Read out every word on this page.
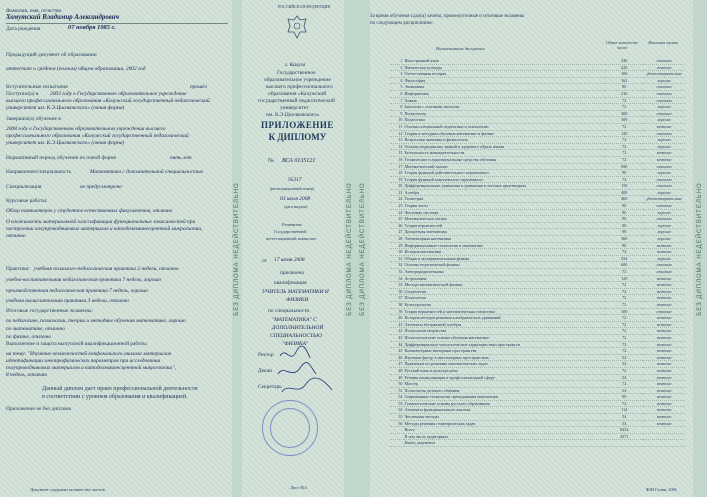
БЕЗ ДИПЛОМА НЕДЕЙСТВИТЕЛЬНО
БЕЗ ДИПЛОМА НЕДЕЙСТВИТЕЛЬНО
Фамилия, имя, отчество
Хомутский Владимир Александрович
Дата рождения	07 ноября 1985 г.
Предыдущий документ об образовании
аттестат о среднем (полном) общем образовании, 2002 год
Вступительные испытания	прошёл
Поступил(а) в 2003 году в Государственное образовательное учреждение
высшего профессионального образования «Калужский государственный педагогический
университет им. К.Э.Циолковского» (очная форма)
Завершил(а) обучение в
2008 году в Государственном образовательном учреждении высшего
профессионального образования «Калужский государственный педагогический
университет им. К.Э.Циолковского» (очная форма)
Нормативный период обучения по очной форме	пять лет
Направление/специальность	Математика с дополнительной специальностью
Специализация	не предусмотрено
Курсовые работы:
Обзор компьютеров у студентов естественных факультетов, отлично
О вложимости материальной классификации функциональных зависимостей при
построении полупроводниковых материалов и катодолюминесцентной микроскопии,
отлично
Практики: учебная психолого-педагогическая практика 2 недели, отлично
учебно-воспитательная педагогическая практика 7 недель, хорошо
производственная педагогическая практика 7 недель, хорошо
учебная вычислительная практика 3 недели, отлично
Итоговые государственные экзамены:
по педагогике, психологии, теории и методике обучения математике, хорошо
по математике, отлично
по физике, отлично
Выполнение и защита выпускной квалификационной работы
на тему: "Изучение возможностей конфокального анализа материалов
идентификации электрофизических параметров при исследовании
полупроводниковых материалов и катодолюминесцентной микроскопии",
8 недель, отлично
Данный диплом дает право профессиональной деятельности
в соответствии с уровнем образования и квалификацией.
Приложение не без диплома
Документ содержит количество листов
РОССИЙСКАЯ ФЕДЕРАЦИЯ
г. Калуга
Государственное
образовательное учреждение
высшего профессионального
образования «Калужский
государственный педагогический
университет
им. К.Э.Циолковского»
ПРИЛОЖЕНИЕ
К ДИПЛОМУ
№ ВСА 0135121
95317
(регистрационный номер)
03 июля 2008
(дата выдачи)
Решением
Государственной
аттестационной комиссии
от 17 июня 2008
присвоена
квалификация
УЧИТЕЛЬ МАТЕМАТИКИ И
ФИЗИКИ
по специальности
"МАТЕМАТИКА" С
ДОПОЛНИТЕЛЬНОЙ
СПЕЦИАЛЬНОСТЬЮ
"ФИЗИКА"
Ректор
Декан
Секретарь
Лист №1
БЕЗ ДИПЛОМА НЕДЕЙСТВИТЕЛЬНО	БЕЗ ДИПЛОМА НЕДЕЙСТВИТЕЛЬНО
За время обучения сдал(а) зачеты, промежуточные и итоговые экзамены
по следующим дисциплинам:
Наименование дисциплин
Общее количество часов
Итоговая оценка
ФЗИ Гознак, 2006
1	Иностранный язык	340	отлично
2	Физическая культура	420	зачтено
3	Отечественная история	100	удовлетворительно
4	Философия	162	хорошо
5	Экономика	90	отлично
6	Информатика	216	отлично
7	Химия	72	отлично
8	Биология с основами экологии	72	хорошо
9	Психология	300	отлично
10	Педагогика	300	хорошо
11	Основы специальной педагогики и психологии	72	зачтено
12	Теория и методика обучения математике и физике	120	отлично
13	Возрастная анатомия и физиология	72	хорошо
14	Основы медицинских знаний и здорового образа жизни	72	хорошо
15	Безопасность жизнедеятельности	72	зачтено
16	Технические и аудиовизуальные средства обучения	72	зачтено
17	Математический анализ	690	отлично
18	Теория функций действительного переменного	90	хорошо
19	Теория функций комплексного переменного	72	отлично
20	Дифференциальные уравнения и уравнения в частных производных	150	отлично
21	Алгебра	400	хорошо
22	Геометрия	460	удовлетворительно
23	Теория чисел	90	отлично
24	Числовые системы	90	хорошо
25	Математическая логика	90	отлично
26	Теория вероятностей	90	хорошо
27	Дискретная математика	90	хорошо
28	Элементарная математика	360	хорошо
29	Информационные технологии в математике	90	зачтено
30	История математики	72	зачтено
31	Общая и экспериментальная физика	924	хорошо
32	Основы теоретической физики	600	отлично
33	Электрорадиотехника	72	отлично
34	Астрономия	120	зачтено
35	Методы математической физики	72	зачтено
36	Социология	72	зачтено
37	Психология	72	зачтено
38	Культурология	72	зачтено
39	Теория вероятностей и математическая статистика	100	отлично
40	История методов решения алгебраических уравнений	72	зачтено
41	Элементы абстрактной алгебры	72	зачтено
42	Психология творчества	72	зачтено
43	Психологические основы обучения математике	72	зачтено
44	Дифференциально-топологические характеристики пространств	72	зачтено
45	Компьютерные векторные пространства	72	зачтено
46	Изучение фигур в многомерных пространствах	54	зачтено
47	Практикум по решению математических задач	54	зачтено
48	Русский язык и культура речи	72	зачтено
49	Речевая коммуникация в профессиональной сфере	54	зачтено
50	Мастер	72	зачтено
51	Психология делового общения	54	зачтено
52	Современные технологии преподавания математики	90	зачтено
53	Гуманистические основы русского образования	72	зачтено
54	Элементы функционального анализа	114	зачтено
55	Численные методы	54	зачтено
56	Методы решения геометрических задач	54	зачтено
	Всего	8434	
	В том числе аудиторных	4571	
	Конец документа		
